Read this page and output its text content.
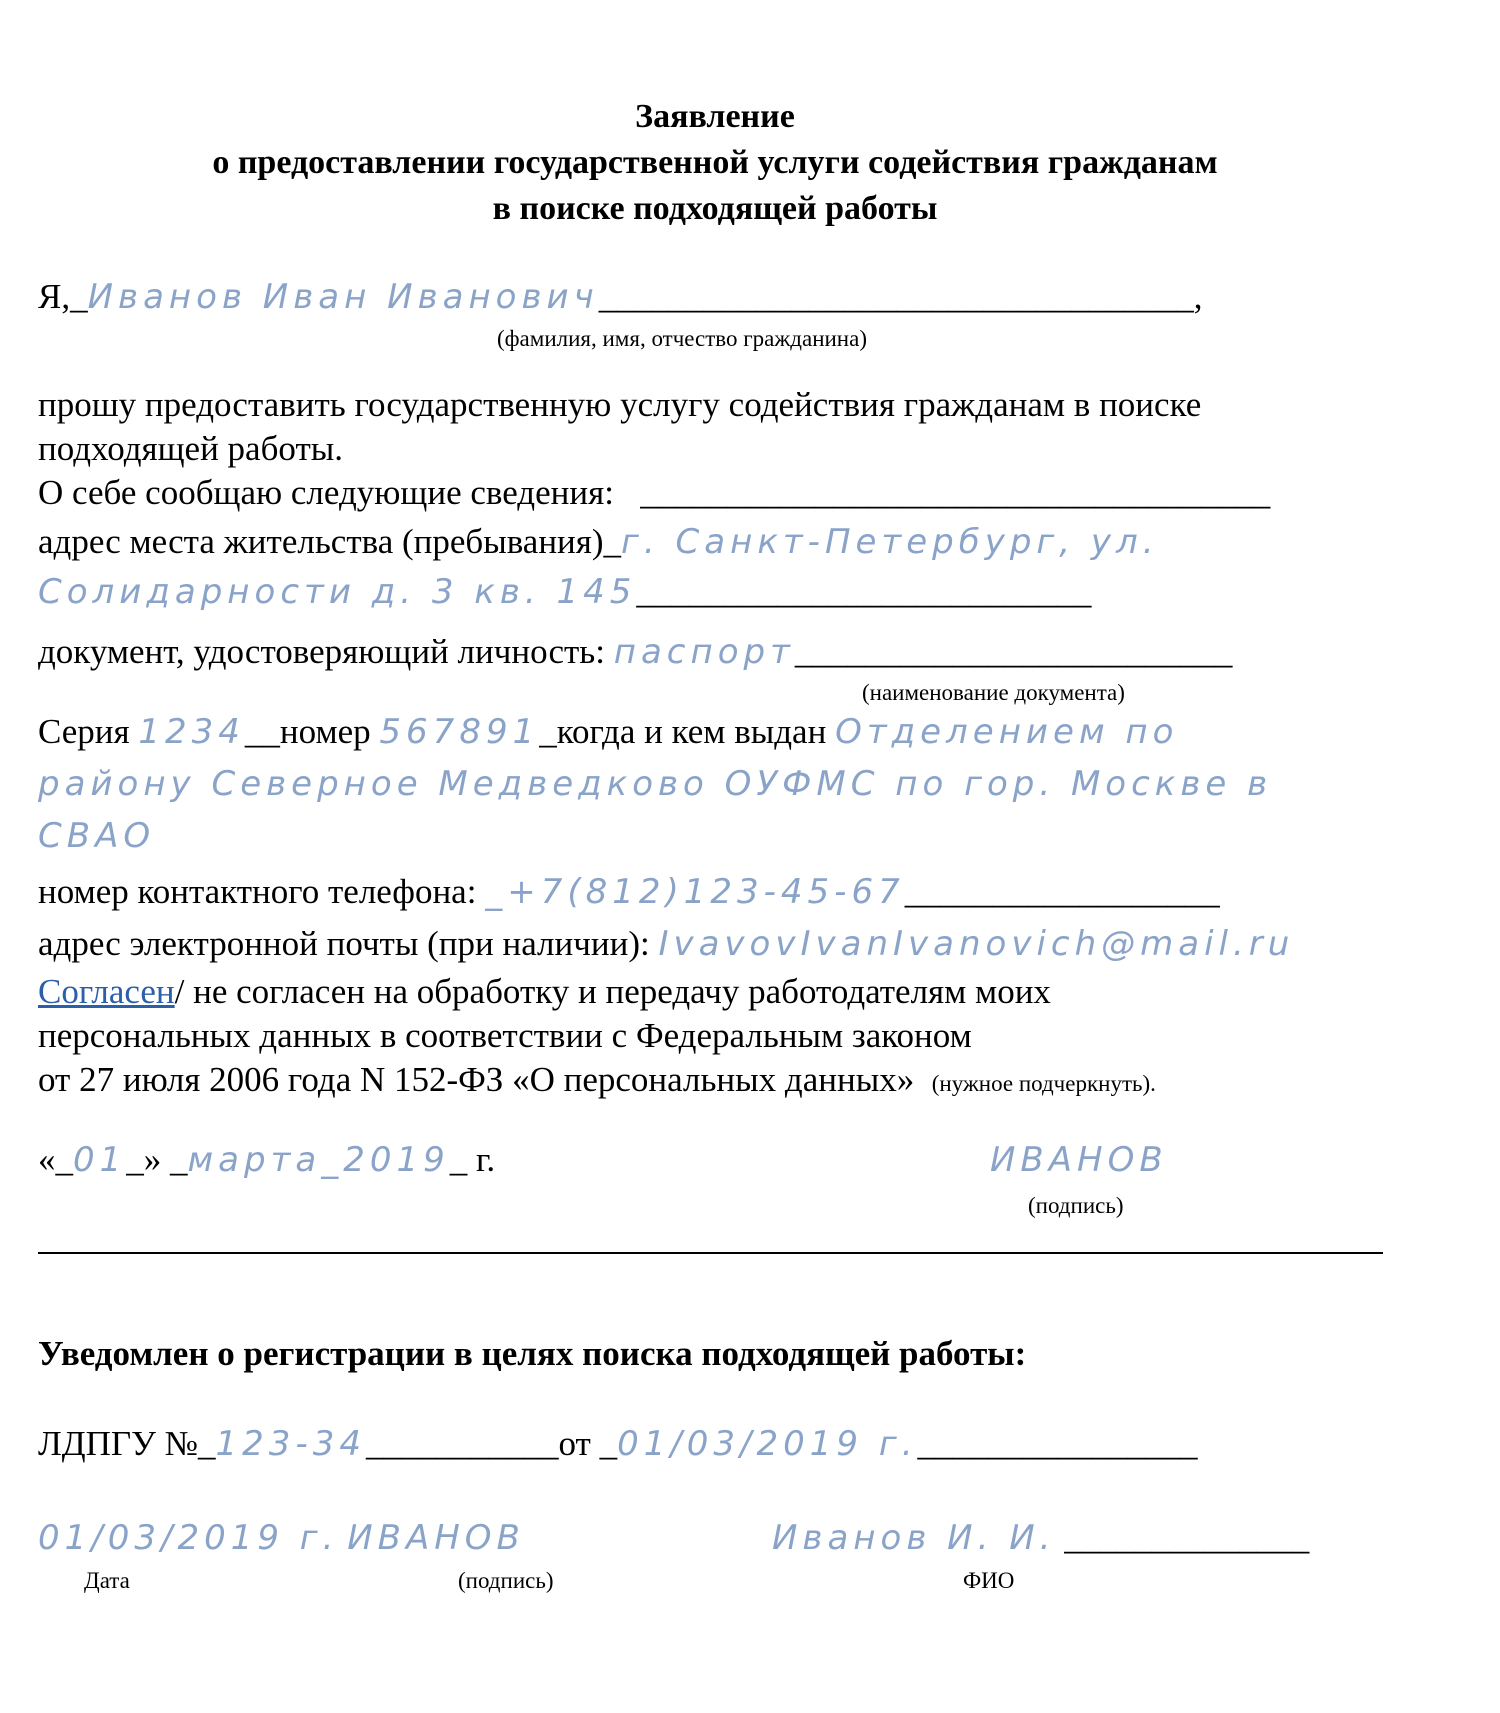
Заявление
о предоставлении государственной услуги содействия гражданам
в поиске подходящей работы
Я,_Иванов Иван Иванович__________________________________,
(фамилия, имя, отчество гражданина)
прошу предоставить государственную услугу содействия гражданам в поиске
подходящей работы.
О себе сообщаю следующие сведения: ____________________________________
адрес места жительства (пребывания)_г. Санкт-Петербург, ул.
Солидарности д. 3 кв. 145__________________________
документ, удостоверяющий личность: паспорт_________________________
(наименование документа)
Серия 1234__номер 567891_когда и кем выдан Отделением по
району Северное Медведково ОУФМС по гор. Москве в
СВАО
номер контактного телефона: _+7(812)123-45-67__________________
адрес электронной почты (при наличии): IvavovIvanIvanovich@mail.ru
Согласен/ не согласен на обработку и передачу работодателям моих
персональных данных в соответствии с Федеральным законом
от 27 июля 2006 года N 152-ФЗ «О персональных данных» (нужное подчеркнуть).
«_01_» _марта_2019_ г.	ИВАНОВ
(подпись)
Уведомлен о регистрации в целях поиска подходящей работы:
ЛДПГУ №_123-34___________от _01/03/2019 г.________________
01/03/2019 г. ИВАНОВ	Иванов И. И. ______________
Дата	(подпись)	ФИО
